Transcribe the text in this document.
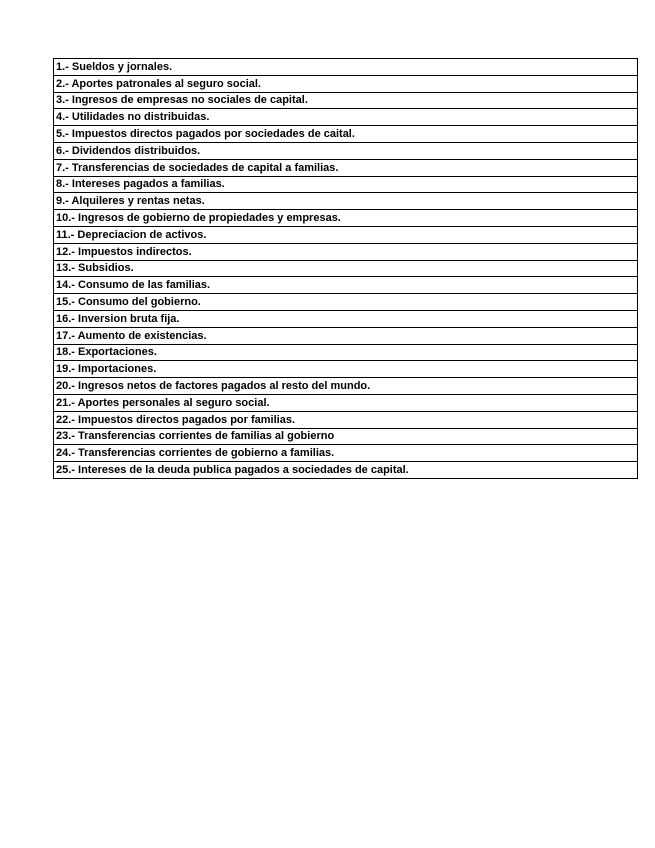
1.- Sueldos y jornales.
2.- Aportes patronales al seguro social.
3.- Ingresos de empresas no sociales de capital.
4.- Utilidades no distribuidas.
5.- Impuestos directos pagados por sociedades de caital.
6.- Dividendos distribuidos.
7.- Transferencias de sociedades de capital a familias.
8.- Intereses pagados a familias.
9.- Alquileres y rentas netas.
10.- Ingresos de gobierno de propiedades y empresas.
11.- Depreciacion de activos.
12.- Impuestos indirectos.
13.- Subsidios.
14.- Consumo de las familias.
15.- Consumo del gobierno.
16.- Inversion bruta fija.
17.- Aumento de existencias.
18.- Exportaciones.
19.- Importaciones.
20.- Ingresos netos de factores pagados al resto del mundo.
21.- Aportes personales al seguro social.
22.- Impuestos directos pagados por familias.
23.- Transferencias corrientes de familias al gobierno
24.- Transferencias corrientes de gobierno a familias.
25.- Intereses de la deuda publica pagados a sociedades de capital.
